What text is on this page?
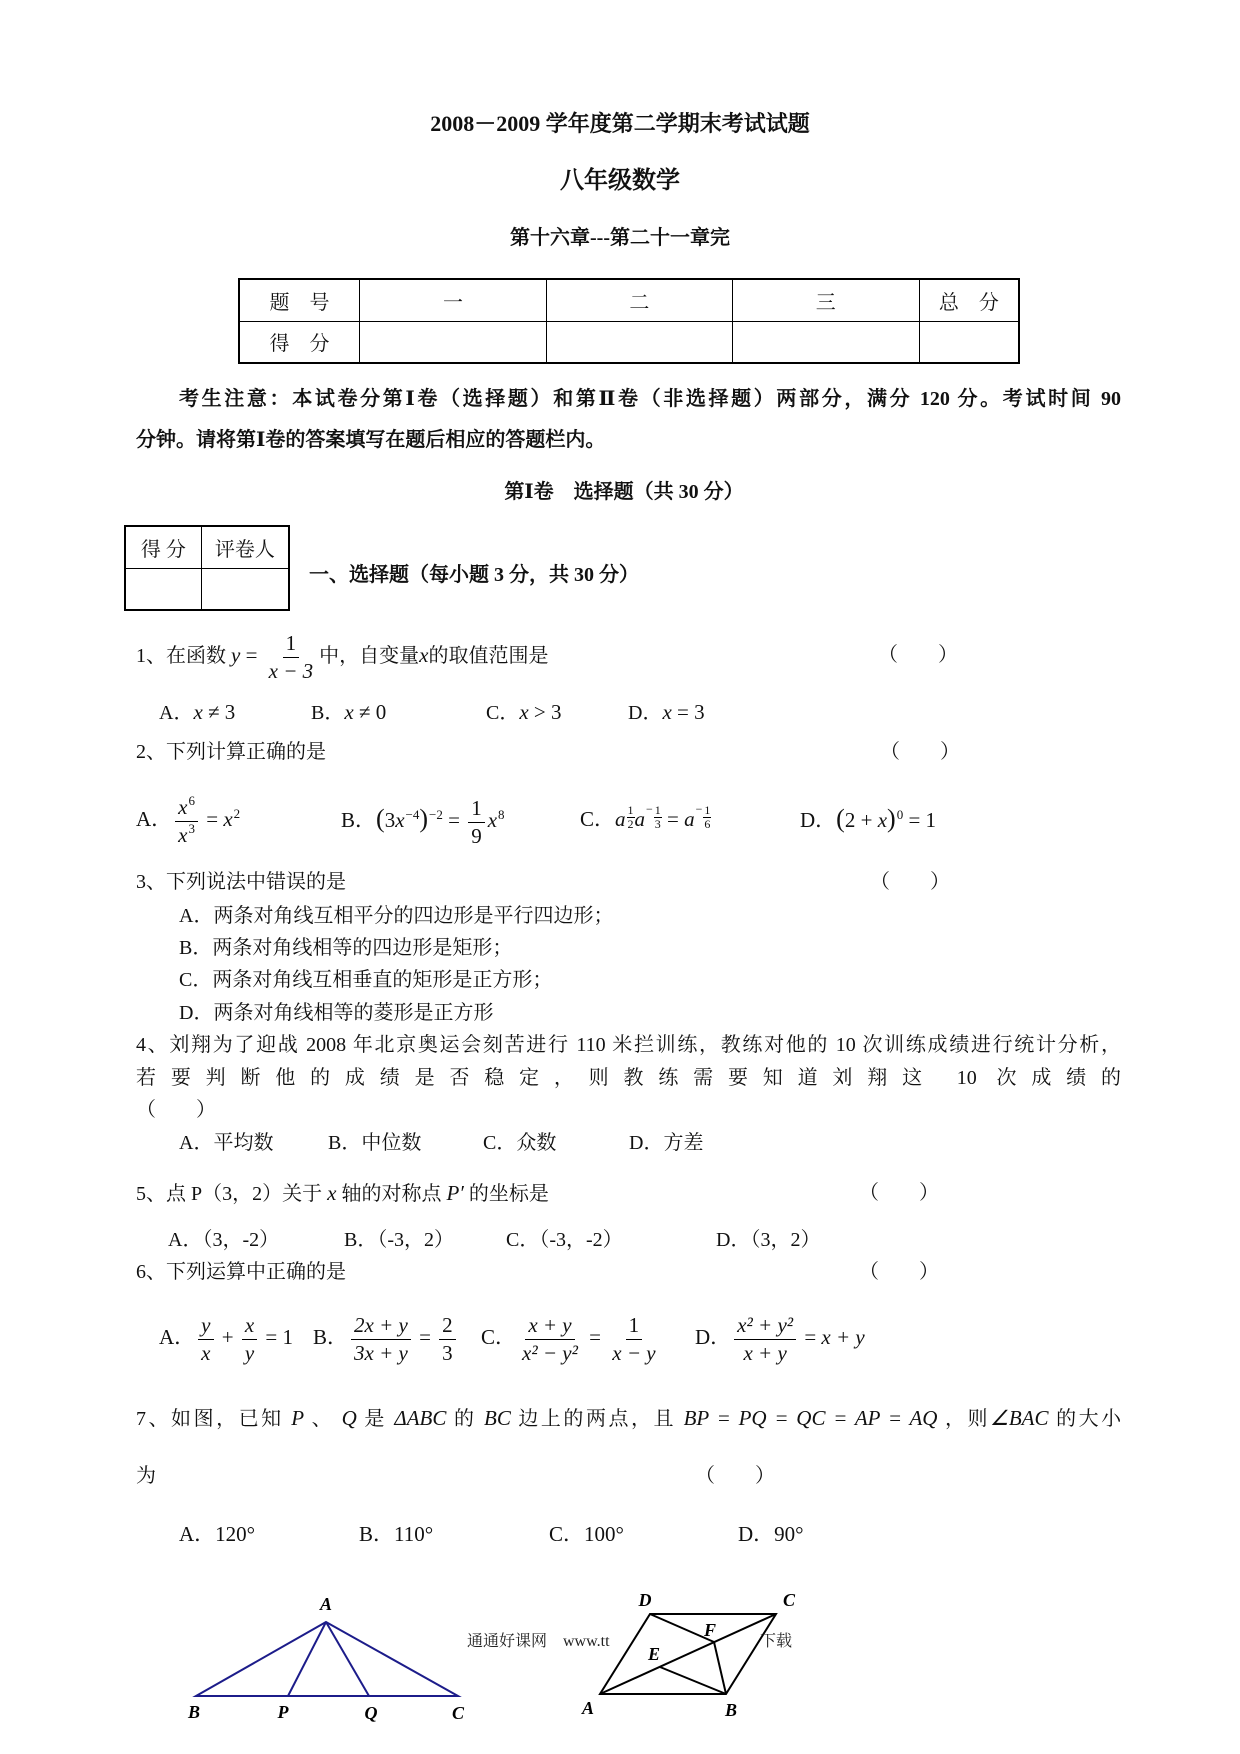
2008－2009 学年度第二学期末考试试题
八年级数学
第十六章---第二十一章完
题　号	一	二	三	总　分
得　分				
考生注意：本试卷分第Ⅰ卷（选择题）和第Ⅱ卷（非选择题）两部分，满分 120 分。考试时间 90
分钟。请将第Ⅰ卷的答案填写在题后相应的答题栏内。
第Ⅰ卷　选择题（共 30 分）
得 分	评卷人

一、选择题（每小题 3 分，共 30 分）
1、在函数 $y = \frac{1}{x - 3}$ 中，自变量x的取值范围是	（　　）
A．x ≠ 3	B．x ≠ 0	C．x > 3	D．x = 3
2、下列计算正确的是	（　　）
A． $\frac{x^6}{x^3} = x^2$	B．$(3x^{-4})^{-2} = \frac{1}{9} x^8$	C．a $\frac{1}{2} a^- \frac{1}{3} = a^- \frac{1}{6}$	D．$(2 + x)^0 = 1$
3、下列说法中错误的是	（　　）
A．两条对角线互相平分的四边形是平行四边形；
B．两条对角线相等的四边形是矩形；
C．两条对角线互相垂直的矩形是正方形；
D．两条对角线相等的菱形是正方形
4、刘翔为了迎战 2008 年北京奥运会刻苦进行 110 米拦训练，教练对他的 10 次训练成绩进行统计分析，
若要判断他的成绩是否稳定，则教练需要知道刘翔这 10 次成绩的
（　　）
A．平均数	B．中位数	C．众数	D．方差
5、点 P（3，2）关于 x 轴的对称点 P′ 的坐标是	（　　）
A．（3，-2）	B．（-3，2）	C．（-3，-2）	D．（3，2）
6、下列运算中正确的是	（　　）
A． $\frac{y}{x} + \frac{x}{y} = 1$ B． $\frac{2x + y}{3x + y} = \frac{2}{3}$ C． $\frac{x + y}{\text{x² − y²}} = \frac{1}{x - y}$ D． $\frac{\text{x² + y²}}{x + y} = x + y$
7、如图，已知 P 、 Q 是 ΔABC 的 BC 边上的两点，且 BP = PQ = QC = AP = AQ ，则∠BAC 的大小
为	（　　）
A．120°	B．110°	C．100°	D．90°
A
B	P	Q	C
D	C
E
F
A	B
通通好课网　www.tt	下载
